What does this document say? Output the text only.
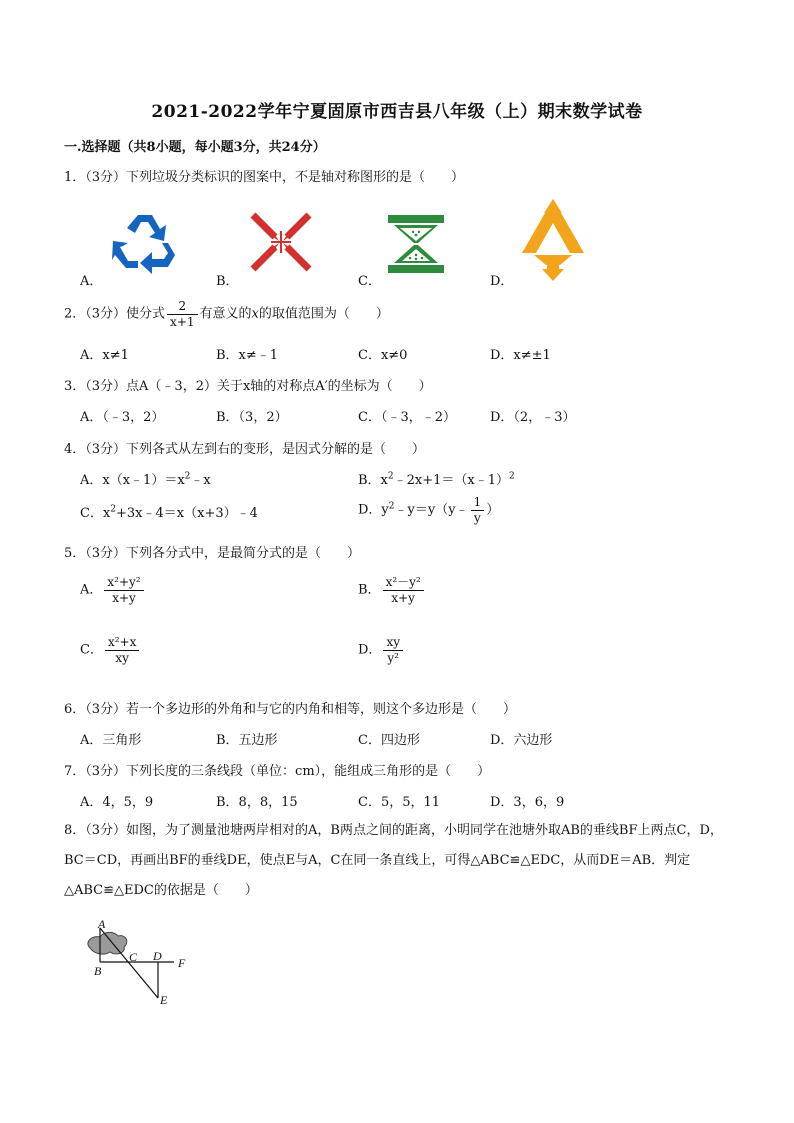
2021-2022学年宁夏固原市西吉县八年级（上）期末数学试卷
一.选择题（共8小题，每小题3分，共24分）
1．（3分）下列垃圾分类标识的图案中，不是轴对称图形的是（　　）
A．	B．	C．	D．
2．（3分）使分式 $\frac{2}{x+1}$ 有意义的x的取值范围为（　　）
A．x≠1	B．x≠﹣1	C．x≠0	D．x≠±1
3．（3分）点A（﹣3，2）关于x轴的对称点A′的坐标为（　　）
A．（﹣3，2）	B．（3，2）	C．（﹣3，﹣2）	D．（2，﹣3）
4．（3分）下列各式从左到右的变形，是因式分解的是（　　）
A．$x(x﹣1)=x^2﹣x$	B．$x^2﹣2x+1=(x﹣1)^2$
C．$x^2+3x﹣4=x(x+3)﹣4$	D．$y^2﹣y=y(y﹣ \frac{1}{y}$ ）
5．（3分）下列各分式中，是最简分式的是（　　）
A． $\frac{\text{x²+y²}}{x+y}$	B． $\frac{\text{x²－y²}}{x+y}$
C． $\frac{\text{x²+x}}{xy}$	D． $\frac{xy}{\text{y²}}$
6．（3分）若一个多边形的外角和与它的内角和相等，则这个多边形是（　　）
A．三角形	B．五边形	C．四边形	D．六边形
7．（3分）下列长度的三条线段（单位：cm），能组成三角形的是（　　）
A．4，5，9	B．8，8，15	C．5，5，11	D．3，6，9
8．（3分）如图，为了测量池塘两岸相对的A，B两点之间的距离，小明同学在池塘外取AB的垂线BF上两点C，D，BC＝CD，再画出BF的垂线DE，使点E与A，C在同一条直线上，可得△ABC≌△EDC，从而DE＝AB．判定△ABC≌△EDC的依据是（　　）
A
B
C D F
E
